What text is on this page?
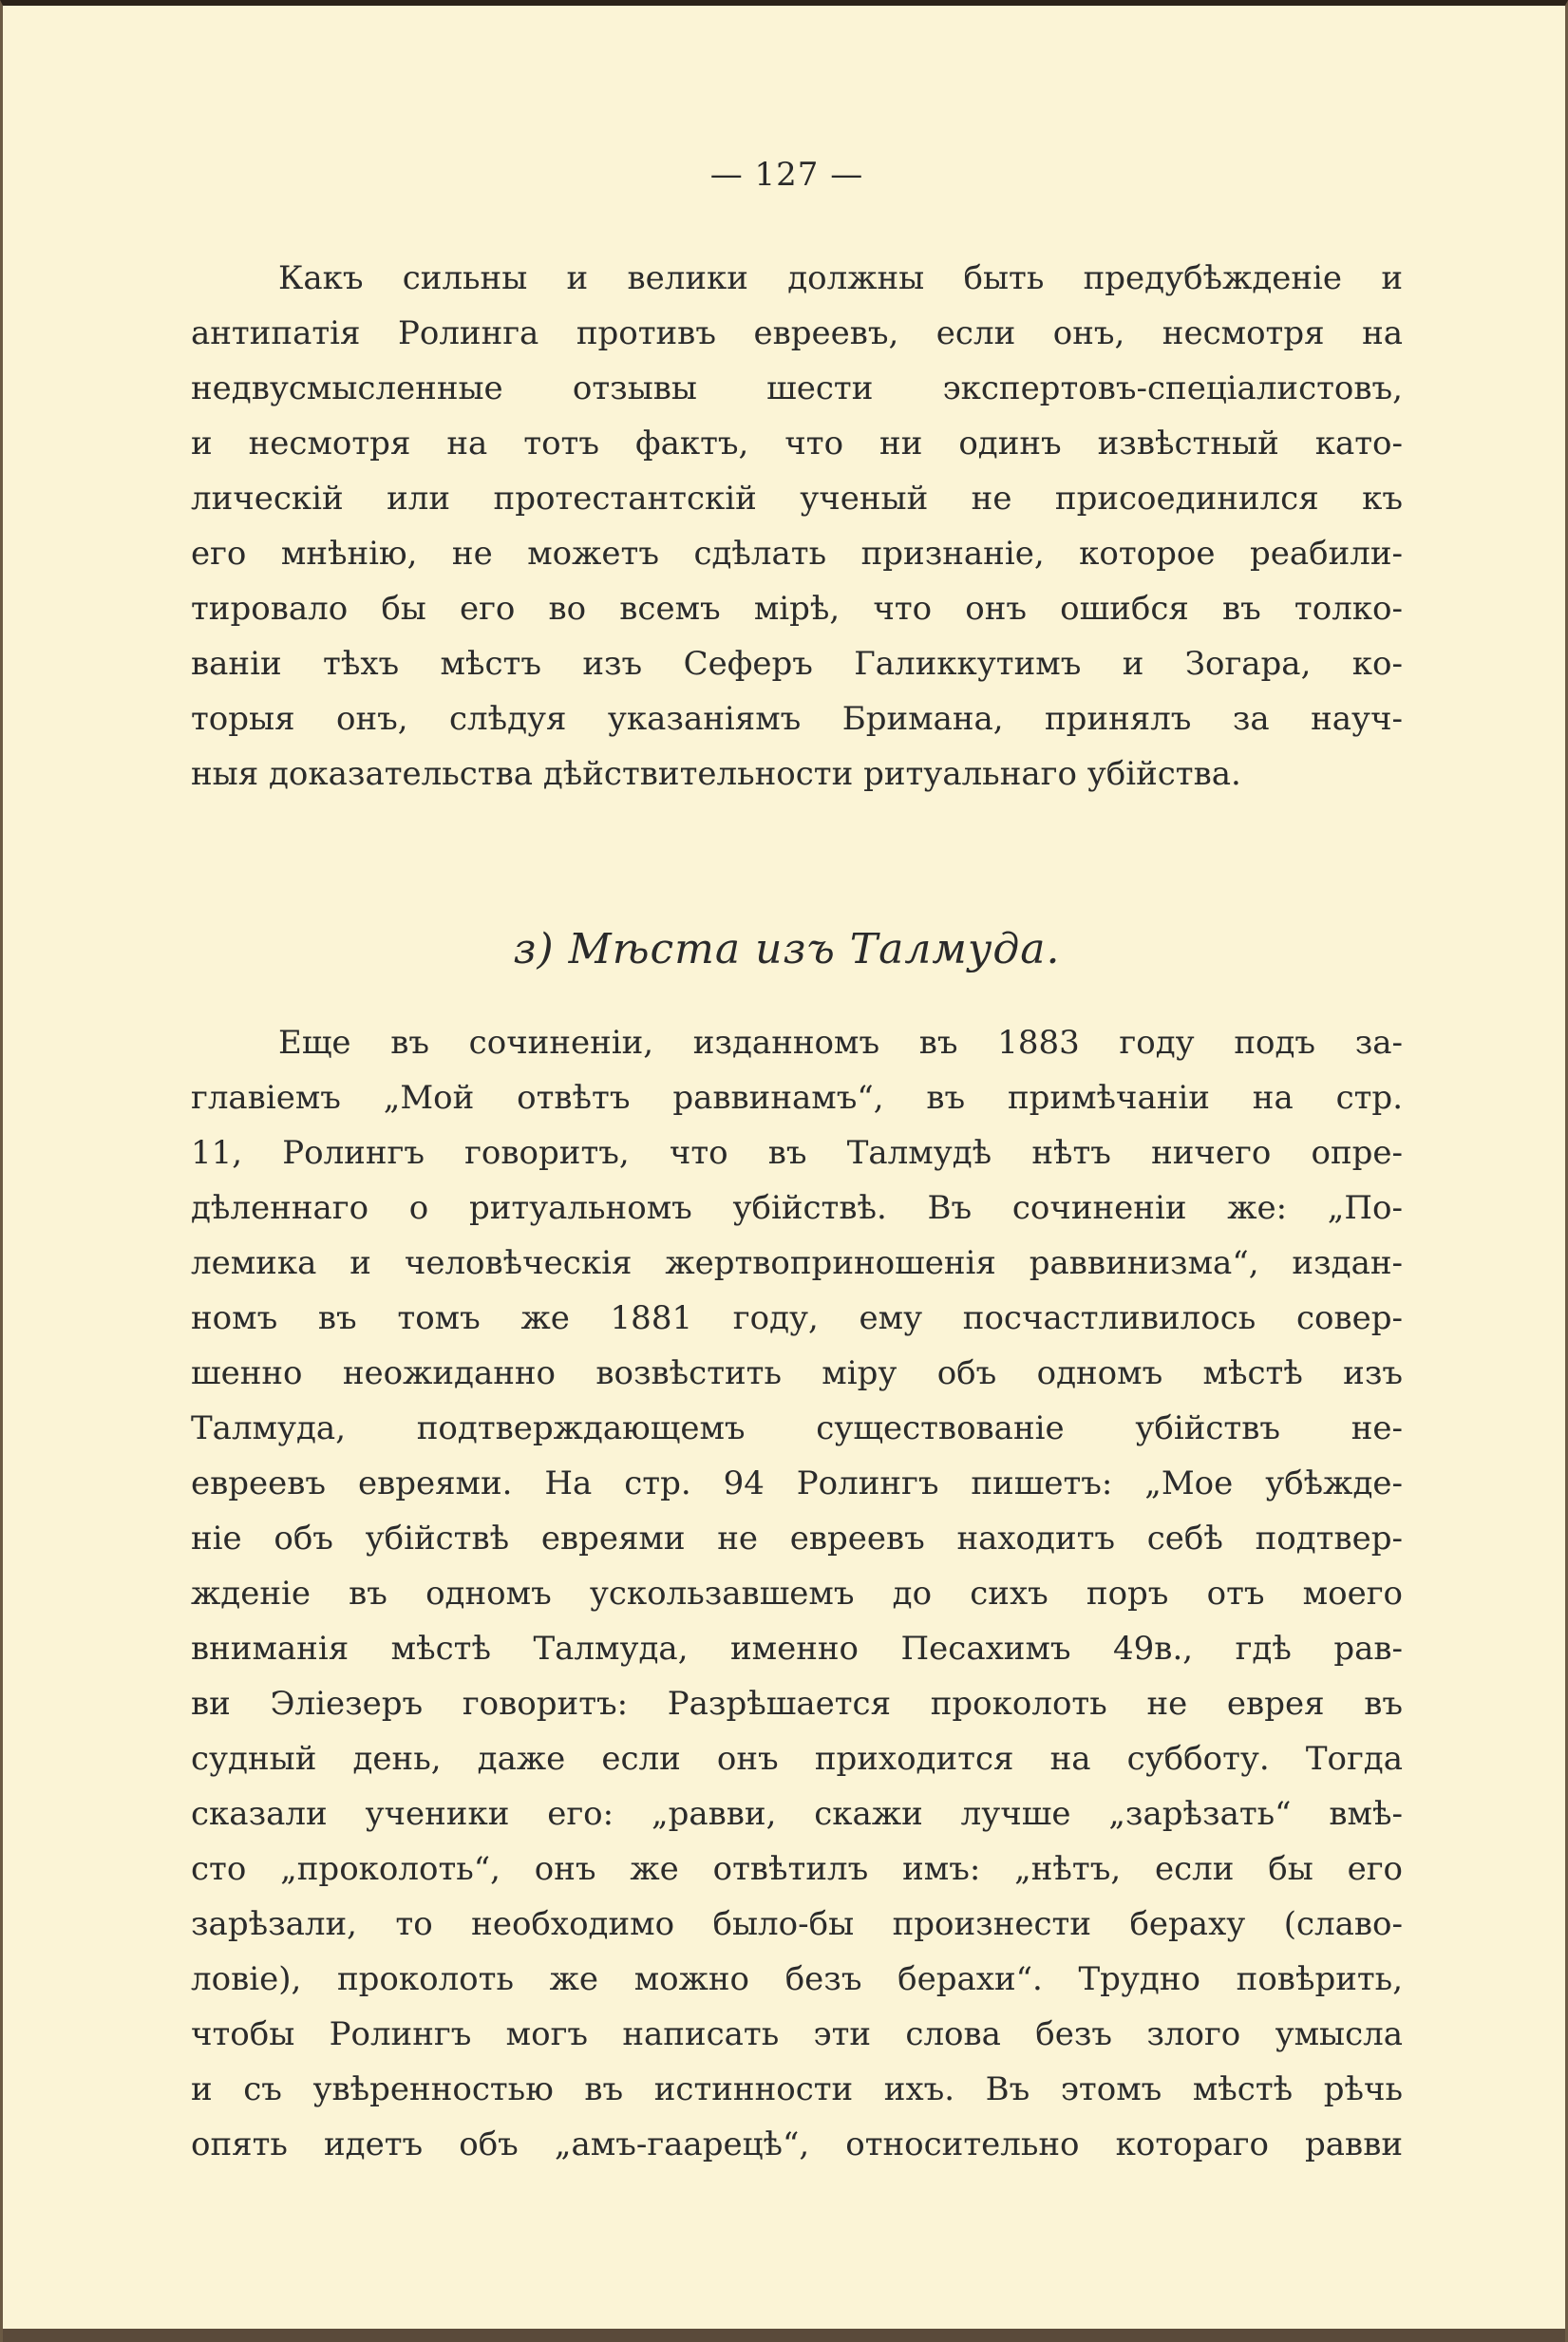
— 127 —
Какъ сильны и велики должны быть предубѣжденіе и
антипатія Ролинга противъ евреевъ, если онъ, несмотря на
недвусмысленные отзывы шести экспертовъ-спеціалистовъ,
и несмотря на тотъ фактъ, что ни одинъ извѣстный като-
лическій или протестантскій ученый не присоединился къ
его мнѣнію, не можетъ сдѣлать признаніе, которое реабили-
тировало бы его во всемъ мірѣ, что онъ ошибся въ толко-
ваніи тѣхъ мѣстъ изъ Сеферъ Галиккутимъ и Зогара, ко-
торыя онъ, слѣдуя указаніямъ Бримана, принялъ за науч-
ныя доказательства дѣйствительности ритуальнаго убійства.
з) Мѣста изъ Талмуда.
Еще въ сочиненіи, изданномъ въ 1883 году подъ за-
главіемъ „Мой отвѣтъ раввинамъ“, въ примѣчаніи на стр.
11, Ролингъ говоритъ, что въ Талмудѣ нѣтъ ничего опре-
дѣленнаго о ритуальномъ убійствѣ. Въ сочиненіи же: „По-
лемика и человѣческія жертвоприношенія раввинизма“, издан-
номъ въ томъ же 1881 году, ему посчастливилось совер-
шенно неожиданно возвѣстить міру объ одномъ мѣстѣ изъ
Талмуда, подтверждающемъ существованіе убійствъ не-
евреевъ евреями. На стр. 94 Ролингъ пишетъ: „Мое убѣжде-
ніе объ убійствѣ евреями не евреевъ находитъ себѣ подтвер-
жденіе въ одномъ ускользавшемъ до сихъ поръ отъ моего
вниманія мѣстѣ Талмуда, именно Песахимъ 49в., гдѣ рав-
ви Эліезеръ говоритъ: Разрѣшается проколоть не еврея въ
судный день, даже если онъ приходится на субботу. Тогда
сказали ученики его: „равви, скажи лучше „зарѣзать“ вмѣ-
сто „проколоть“, онъ же отвѣтилъ имъ: „нѣтъ, если бы его
зарѣзали, то необходимо было-бы произнести бераху (славо-
ловіе), проколоть же можно безъ берахи“. Трудно повѣрить,
чтобы Ролингъ могъ написать эти слова безъ злого умысла
и съ увѣренностью въ истинности ихъ. Въ этомъ мѣстѣ рѣчь
опять идетъ объ „амъ-гаарецѣ“, относительно котораго равви
